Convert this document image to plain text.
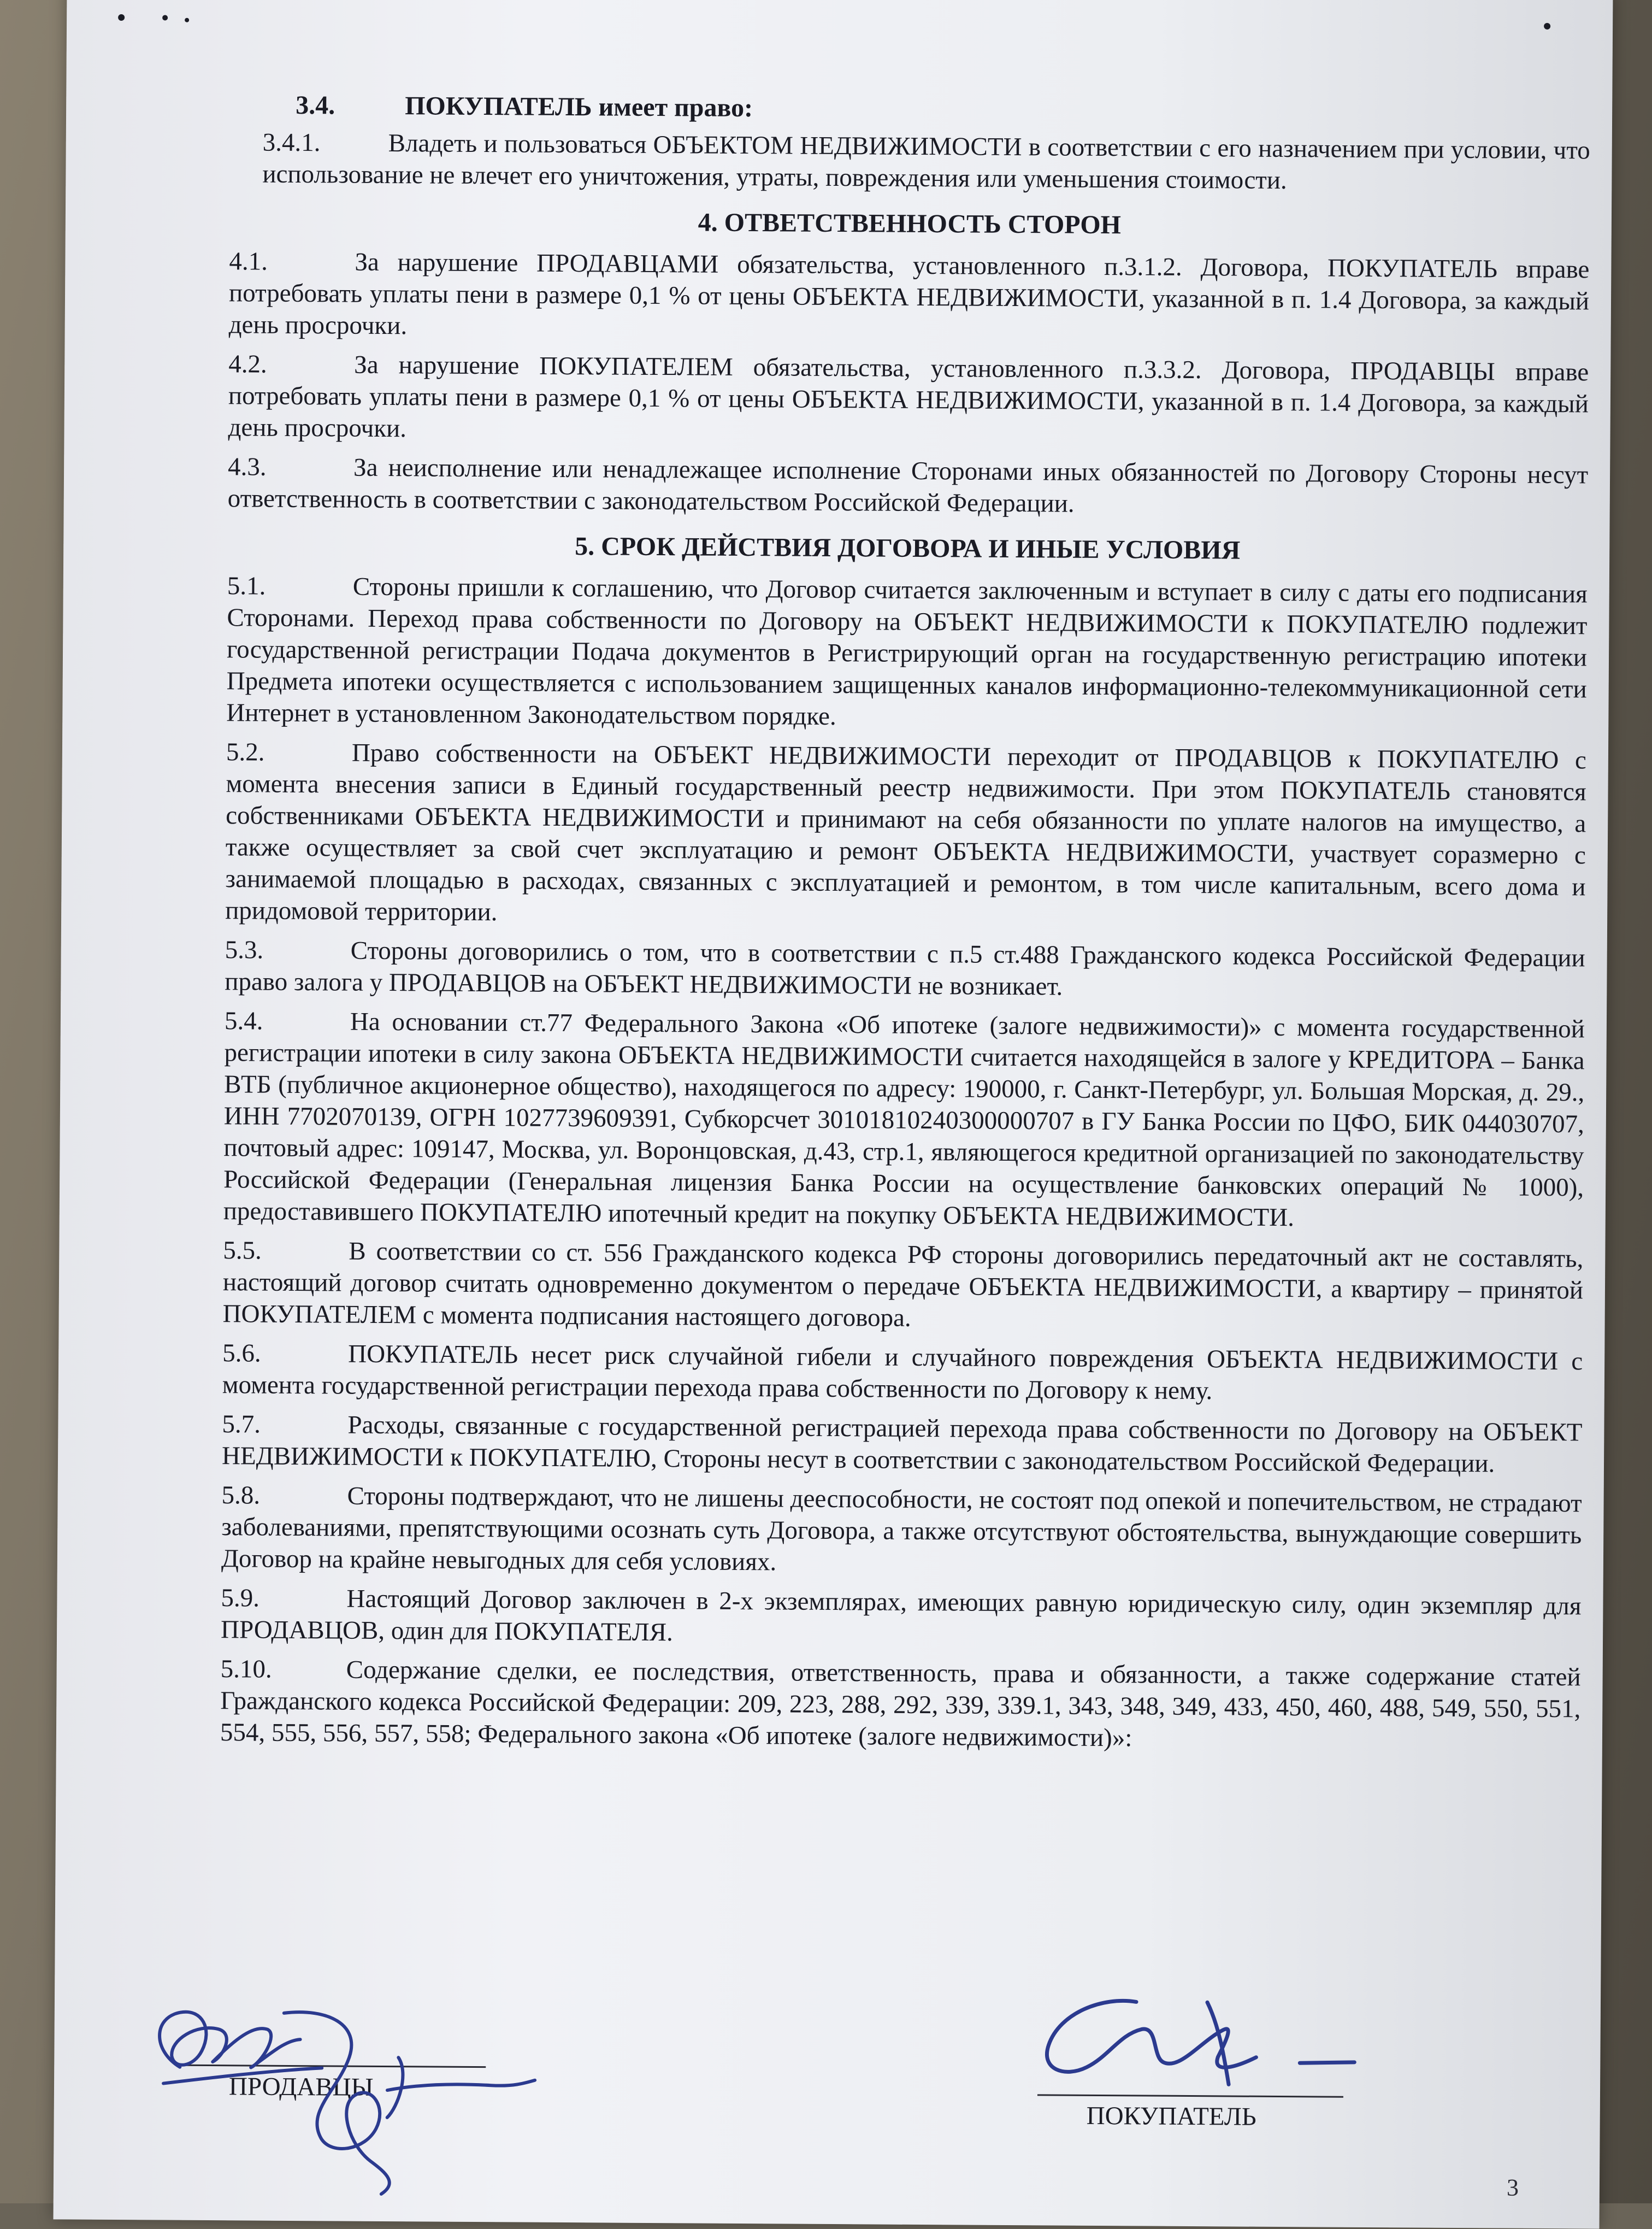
3.4.	ПОКУПАТЕЛЬ имеет право:
3.4.1.	Владеть и пользоваться ОБЪЕКТОМ НЕДВИЖИМОСТИ в соответствии с его назначением при условии, что использование не влечет его уничтожения, утраты, повреждения или уменьшения стоимости.
4. ОТВЕТСТВЕННОСТЬ СТОРОН
4.1.	За нарушение ПРОДАВЦАМИ обязательства, установленного п.3.1.2. Договора, ПОКУПАТЕЛЬ вправе потребовать уплаты пени в размере 0,1 % от цены ОБЪЕКТА НЕДВИЖИМОСТИ, указанной в п. 1.4 Договора, за каждый день просрочки.
4.2.	За нарушение ПОКУПАТЕЛЕМ обязательства, установленного п.3.3.2. Договора, ПРОДАВЦЫ вправе потребовать уплаты пени в размере 0,1 % от цены ОБЪЕКТА НЕДВИЖИМОСТИ, указанной в п. 1.4 Договора, за каждый день просрочки.
4.3.	За неисполнение или ненадлежащее исполнение Сторонами иных обязанностей по Договору Стороны несут ответственность в соответствии с законодательством Российской Федерации.
5. СРОК ДЕЙСТВИЯ ДОГОВОРА И ИНЫЕ УСЛОВИЯ
5.1.	Стороны пришли к соглашению, что Договор считается заключенным и вступает в силу с даты его подписания Сторонами. Переход права собственности по Договору на ОБЪЕКТ НЕДВИЖИМОСТИ к ПОКУПАТЕЛЮ подлежит государственной регистрации Подача документов в Регистрирующий орган на государственную регистрацию ипотеки Предмета ипотеки осуществляется с использованием защищенных каналов информационно-телекоммуникационной сети Интернет в установленном Законодательством порядке.
5.2.	Право собственности на ОБЪЕКТ НЕДВИЖИМОСТИ переходит от ПРОДАВЦОВ к ПОКУПАТЕЛЮ с момента внесения записи в Единый государственный реестр недвижимости. При этом ПОКУПАТЕЛЬ становятся собственниками ОБЪЕКТА НЕДВИЖИМОСТИ и принимают на себя обязанности по уплате налогов на имущество, а также осуществляет за свой счет эксплуатацию и ремонт ОБЪЕКТА НЕДВИЖИМОСТИ, участвует соразмерно с занимаемой площадью в расходах, связанных с эксплуатацией и ремонтом, в том числе капитальным, всего дома и придомовой территории.
5.3.	Стороны договорились о том, что в соответствии с п.5 ст.488 Гражданского кодекса Российской Федерации право залога у ПРОДАВЦОВ на ОБЪЕКТ НЕДВИЖИМОСТИ не возникает.
5.4.	На основании ст.77 Федерального Закона «Об ипотеке (залоге недвижимости)» с момента государственной регистрации ипотеки в силу закона ОБЪЕКТА НЕДВИЖИМОСТИ считается находящейся в залоге у КРЕДИТОРА – Банка ВТБ (публичное акционерное общество), находящегося по адресу: 190000, г. Санкт-Петербург, ул. Большая Морская, д. 29., ИНН 7702070139, ОГРН 1027739609391, Субкорсчет 30101810240300000707 в ГУ Банка России по ЦФО, БИК 044030707, почтовый адрес: 109147, Москва, ул. Воронцовская, д.43, стр.1, являющегося кредитной организацией по законодательству Российской Федерации (Генеральная лицензия Банка России на осуществление банковских операций № 1000), предоставившего ПОКУПАТЕЛЮ ипотечный кредит на покупку ОБЪЕКТА НЕДВИЖИМОСТИ.
5.5.	В соответствии со ст. 556 Гражданского кодекса РФ стороны договорились передаточный акт не составлять, настоящий договор считать одновременно документом о передаче ОБЪЕКТА НЕДВИЖИМОСТИ, а квартиру – принятой ПОКУПАТЕЛЕМ с момента подписания настоящего договора.
5.6.	ПОКУПАТЕЛЬ несет риск случайной гибели и случайного повреждения ОБЪЕКТА НЕДВИЖИМОСТИ с момента государственной регистрации перехода права собственности по Договору к нему.
5.7.	Расходы, связанные с государственной регистрацией перехода права собственности по Договору на ОБЪЕКТ НЕДВИЖИМОСТИ к ПОКУПАТЕЛЮ, Стороны несут в соответствии с законодательством Российской Федерации.
5.8.	Стороны подтверждают, что не лишены дееспособности, не состоят под опекой и попечительством, не страдают заболеваниями, препятствующими осознать суть Договора, а также отсутствуют обстоятельства, вынуждающие совершить Договор на крайне невыгодных для себя условиях.
5.9.	Настоящий Договор заключен в 2-х экземплярах, имеющих равную юридическую силу, один экземпляр для ПРОДАВЦОВ, один для ПОКУПАТЕЛЯ.
5.10.	Содержание сделки, ее последствия, ответственность, права и обязанности, а также содержание статей Гражданского кодекса Российской Федерации: 209, 223, 288, 292, 339, 339.1, 343, 348, 349, 433, 450, 460, 488, 549, 550, 551, 554, 555, 556, 557, 558; Федерального закона «Об ипотеке (залоге недвижимости)»:
ПРОДАВЦЫ
ПОКУПАТЕЛЬ
3
